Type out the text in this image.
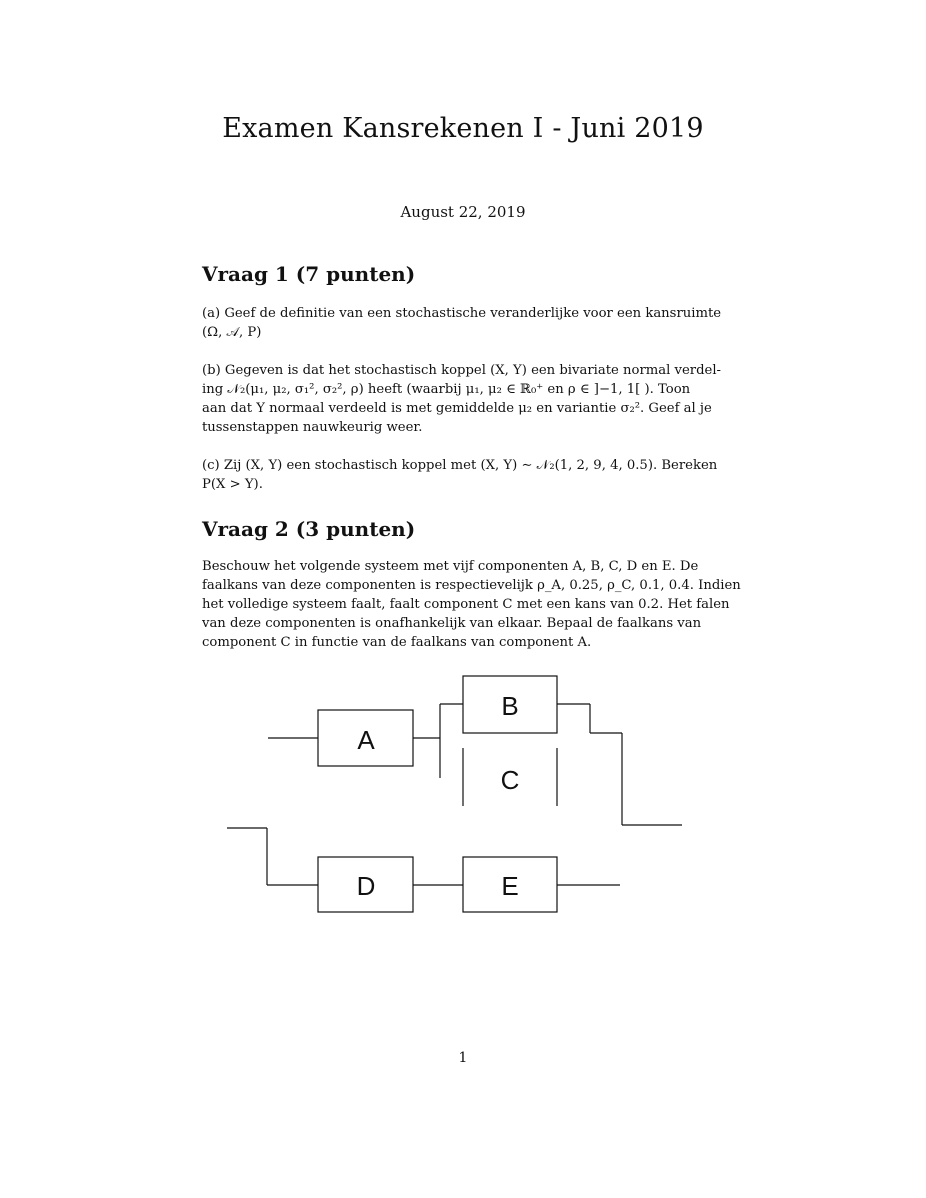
Examen Kansrekenen I - Juni 2019
August 22, 2019
Vraag 1 (7 punten)
(a) Geef de definitie van een stochastische veranderlijke voor een kansruimte
(Ω, 𝒜, P)
(b) Gegeven is dat het stochastisch koppel (X, Y) een bivariate normal verdel-
ing 𝒩₂(μ₁, μ₂, σ₁², σ₂², ρ) heeft (waarbij μ₁, μ₂ ∈ ℝ₀⁺ en ρ ∈ ]−1, 1[ ). Toon
aan dat Y normaal verdeeld is met gemiddelde μ₂ en variantie σ₂². Geef al je
tussenstappen nauwkeurig weer.
(c) Zij (X, Y) een stochastisch koppel met (X, Y) ∼ 𝒩₂(1, 2, 9, 4, 0.5). Bereken
P(X > Y).
Vraag 2 (3 punten)
Beschouw het volgende systeem met vijf componenten A, B, C, D en E. De
faalkans van deze componenten is respectievelijk ρ_A, 0.25, ρ_C, 0.1, 0.4. Indien
het volledige systeem faalt, faalt component C met een kans van 0.2. Het falen
van deze componenten is onafhankelijk van elkaar. Bepaal de faalkans van
component C in functie van de faalkans van component A.
A
B
C
D	E
1
